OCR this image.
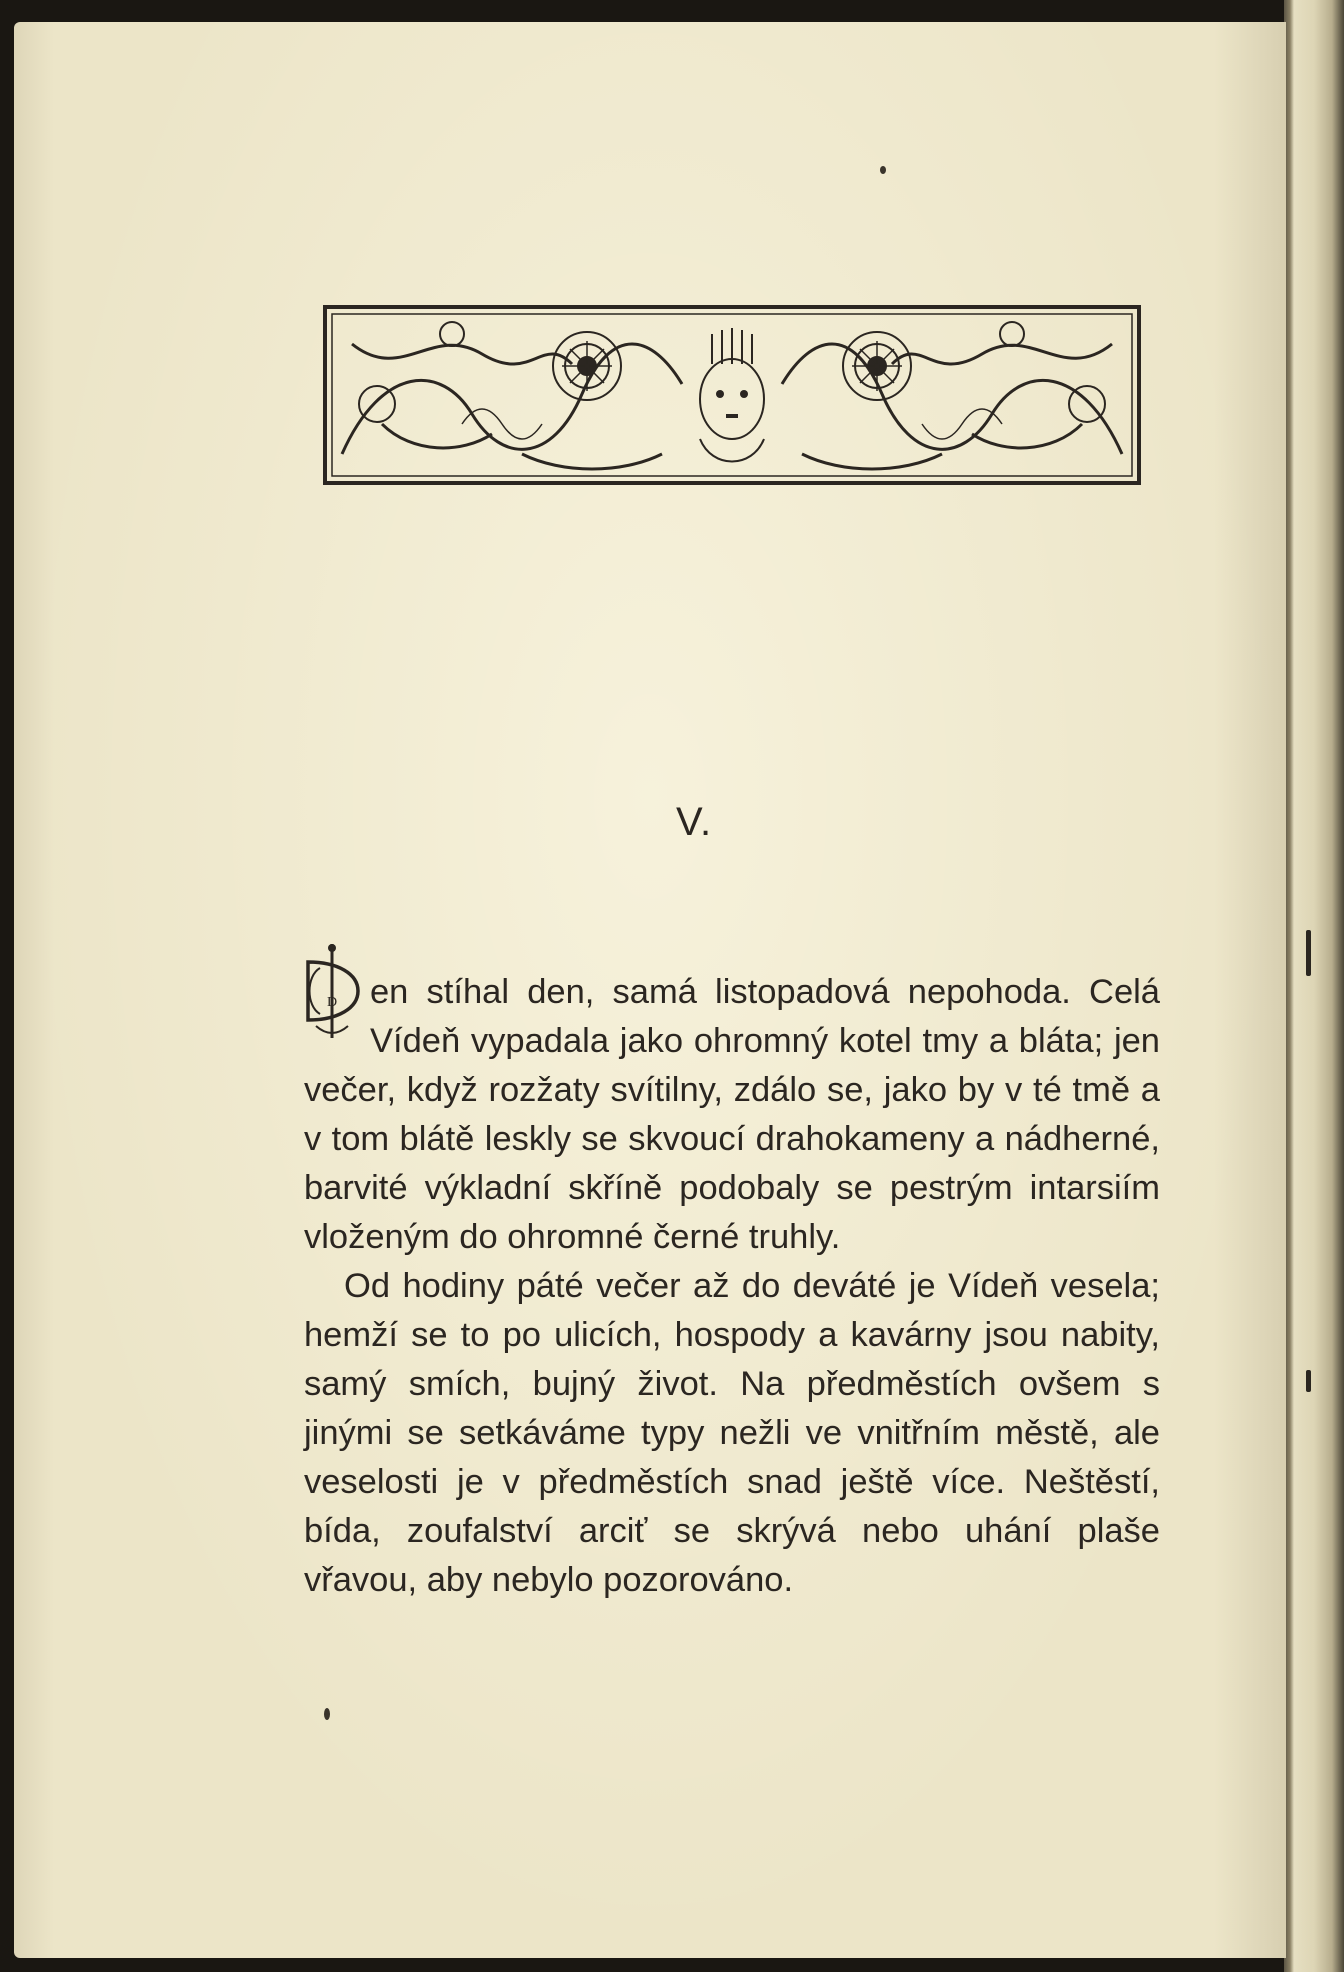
V.

D en stíhal den, samá listopadová nepohoda. Celá Vídeň vypadala jako ohromný kotel tmy a bláta; jen večer, když rozžaty svítilny, zdálo se, jako by v té tmě a v tom blátě leskly se skvoucí drahokameny a nádherné, barvité výkladní skříně podobaly se pestrým intarsiím vloženým do ohromné černé truhly.

Od hodiny páté večer až do deváté je Vídeň vesela; hemží se to po ulicích, hospody a kavárny jsou nabity, samý smích, bujný život. Na předměstích ovšem s jinými se setkáváme typy nežli ve vnitřním městě, ale veselosti je v předměstích snad ještě více. Neštěstí, bída, zoufalství arciť se skrývá nebo uhání plaše vřavou, aby nebylo pozorováno.
